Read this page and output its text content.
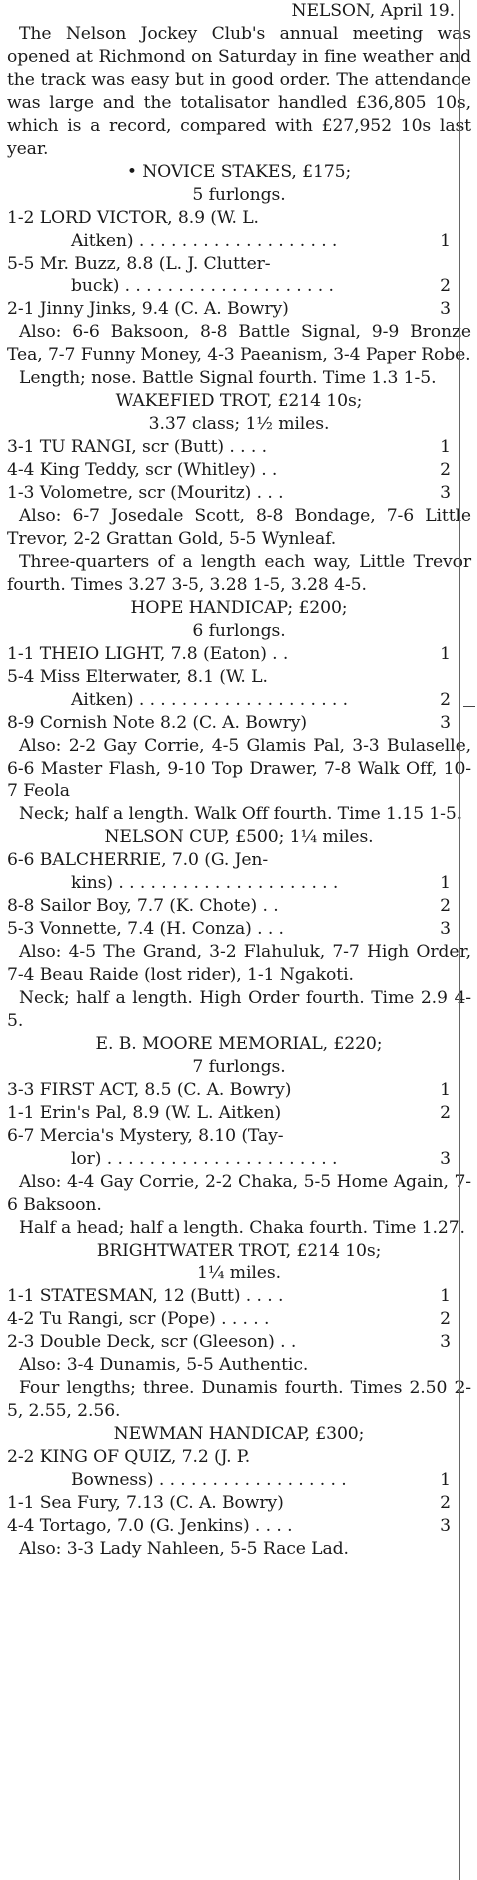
NELSON, April 19.

The Nelson Jockey Club's annual meeting was opened at Richmond on Saturday in fine weather and the track was easy but in good order. The attendance was large and the totalisator handled £36,805 10s, which is a record, compared with £27,952 10s last year.

• NOVICE STAKES, £175;

5 furlongs.

1-2 LORD VICTOR, 8.9 (W. L.

Aitken) . . . . . . . . . . . . . . . . . . .	1

5-5 Mr. Buzz, 8.8 (L. J. Clutter-

buck) . . . . . . . . . . . . . . . . . . . .	2

2-1 Jinny Jinks, 9.4 (C. A. Bowry)	3

Also: 6-6 Baksoon, 8-8 Battle Signal, 9-9 Bronze Tea, 7-7 Funny Money, 4-3 Paeanism, 3-4 Paper Robe.

Length; nose. Battle Signal fourth. Time 1.3 1-5.

WAKEFIED TROT, £214 10s;

3.37 class; 1½ miles.

3-1 TU RANGI, scr (Butt) . . . .	1

4-4 King Teddy, scr (Whitley) . .	2

1-3 Volometre, scr (Mouritz) . . .	3

Also: 6-7 Josedale Scott, 8-8 Bondage, 7-6 Little Trevor, 2-2 Grattan Gold, 5-5 Wynleaf.

Three-quarters of a length each way, Little Trevor fourth. Times 3.27 3-5, 3.28 1-5, 3.28 4-5.

HOPE HANDICAP; £200;

6 furlongs.

1-1 THEIO LIGHT, 7.8 (Eaton) . .	1

5-4 Miss Elterwater, 8.1 (W. L.

Aitken) . . . . . . . . . . . . . . . . . . . .	2

8-9 Cornish Note 8.2 (C. A. Bowry)	3

Also: 2-2 Gay Corrie, 4-5 Glamis Pal, 3-3 Bulaselle, 6-6 Master Flash, 9-10 Top Drawer, 7-8 Walk Off, 10-7 Feola

Neck; half a length. Walk Off fourth. Time 1.15 1-5.

NELSON CUP, £500; 1¼ miles.

6-6 BALCHERRIE, 7.0 (G. Jen-

kins) . . . . . . . . . . . . . . . . . . . . .	1

8-8 Sailor Boy, 7.7 (K. Chote) . .	2

5-3 Vonnette, 7.4 (H. Conza) . . .	3

Also: 4-5 The Grand, 3-2 Flahuluk, 7-7 High Order, 7-4 Beau Raide (lost rider), 1-1 Ngakoti.

Neck; half a length. High Order fourth. Time 2.9 4-5.

E. B. MOORE MEMORIAL, £220;

7 furlongs.

3-3 FIRST ACT, 8.5 (C. A. Bowry)	1

1-1 Erin's Pal, 8.9 (W. L. Aitken)	2

6-7 Mercia's Mystery, 8.10 (Tay-

lor) . . . . . . . . . . . . . . . . . . . . . .	3

Also: 4-4 Gay Corrie, 2-2 Chaka, 5-5 Home Again, 7-6 Baksoon.

Half a head; half a length. Chaka fourth. Time 1.27.

BRIGHTWATER TROT, £214 10s;

1¼ miles.

1-1 STATESMAN, 12 (Butt) . . . .	1

4-2 Tu Rangi, scr (Pope) . . . . .	2

2-3 Double Deck, scr (Gleeson) . .	3

Also: 3-4 Dunamis, 5-5 Authentic.

Four lengths; three. Dunamis fourth. Times 2.50 2-5, 2.55, 2.56.

NEWMAN HANDICAP, £300;

2-2 KING OF QUIZ, 7.2 (J. P.

Bowness) . . . . . . . . . . . . . . . . . .	1

1-1 Sea Fury, 7.13 (C. A. Bowry)	2

4-4 Tortago, 7.0 (G. Jenkins) . . . .	3

Also: 3-3 Lady Nahleen, 5-5 Race Lad.
